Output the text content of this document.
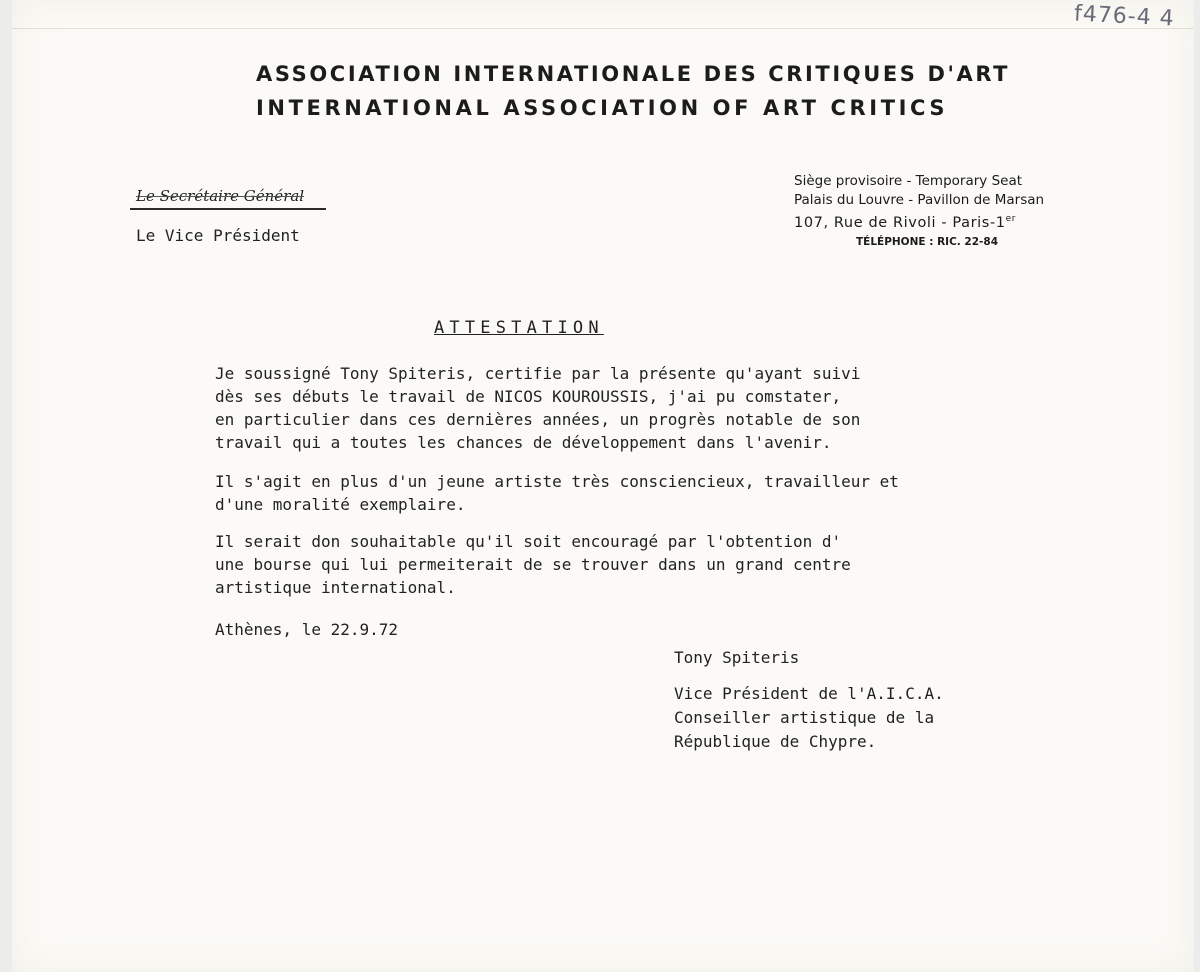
f476-4 4
ASSOCIATION INTERNATIONALE DES CRITIQUES D'ART
INTERNATIONAL ASSOCIATION OF ART CRITICS
Le Secrétaire Général
Le Vice Président
Siège provisoire - Temporary Seat
Palais du Louvre - Pavillon de Marsan
107, Rue de Rivoli - Paris-1er
TÉLÉPHONE : RIC. 22-84
ATTESTATION
Je soussigné Tony Spiteris, certifie par la présente qu'ayant suivi
dès ses débuts le travail de NICOS KOUROUSSIS, j'ai pu comstater,
en particulier dans ces dernières années, un progrès notable de son
travail qui a toutes les chances de développement dans l'avenir.
Il s'agit en plus d'un jeune artiste très consciencieux, travailleur et
d'une moralité exemplaire.
Il serait don souhaitable qu'il soit encouragé par l'obtention d'
une bourse qui lui permeiterait de se trouver dans un grand centre
artistique international.
Athènes, le 22.9.72
Tony Spiteris
Vice Président de l'A.I.C.A.
Conseiller artistique de la
République de Chypre.
